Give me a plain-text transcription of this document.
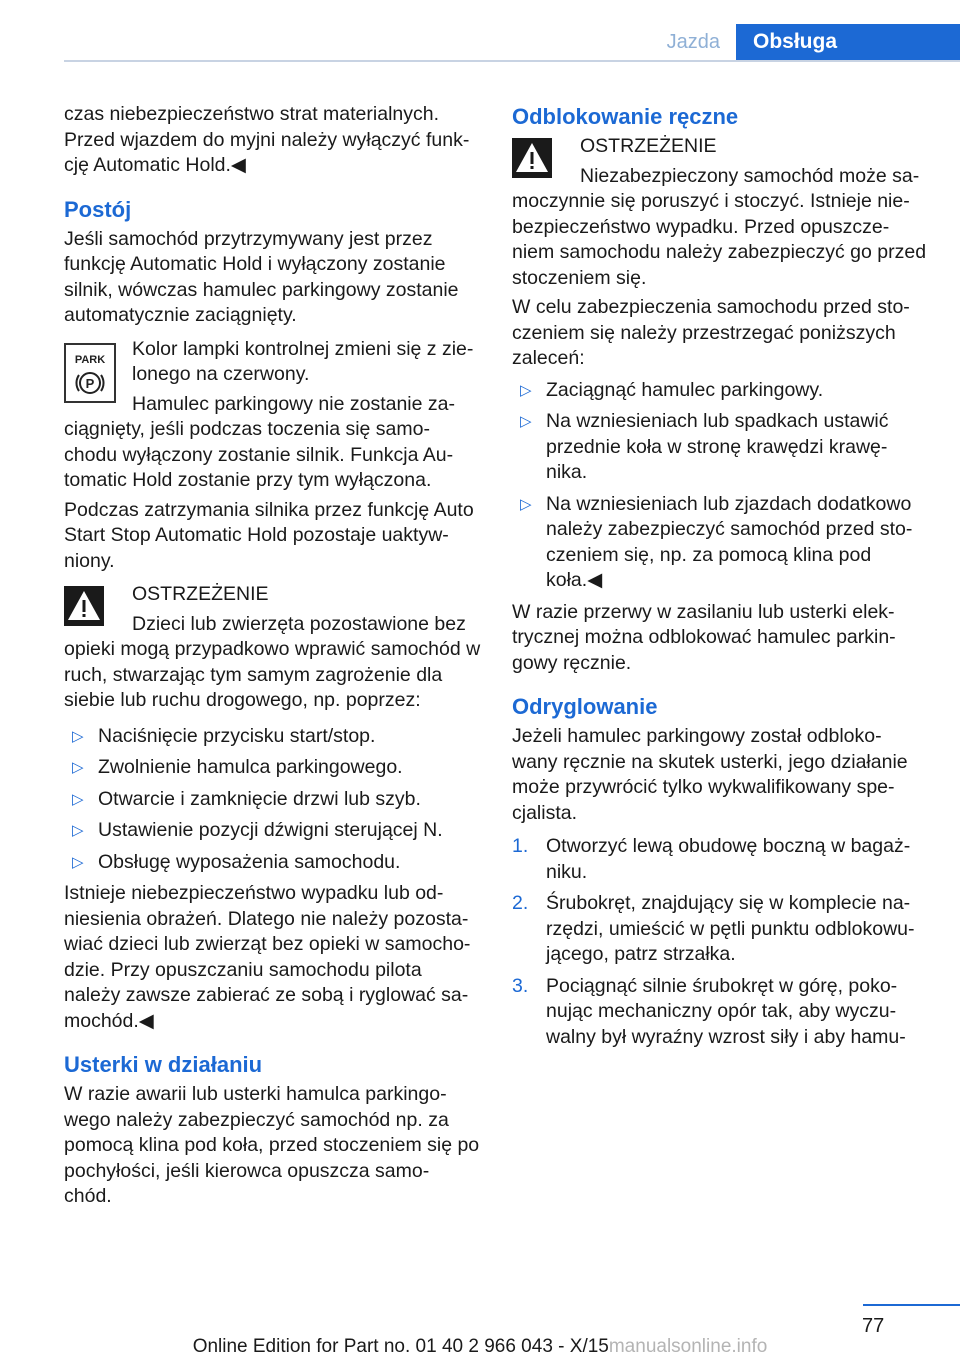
Jazda	Obsługa

czas niebezpieczeństwo strat materialnych.
Przed wjazdem do myjni należy wyłączyć funk-
cję Automatic Hold.◀

Postój

Jeśli samochód przytrzymywany jest przez funkcję Automatic Hold i wyłączony zostanie silnik, wówczas hamulec parkingowy zostanie automatycznie zaciągnięty.

PARK
P

Kolor lampki kontrolnej zmieni się z zie- lonego na czerwony.

Hamulec parkingowy nie zostanie za- ciągnięty, jeśli podczas toczenia się samo- chodu wyłączony zostanie silnik. Funkcja Au- tomatic Hold zostanie przy tym wyłączona.

Podczas zatrzymania silnika przez funkcję Auto Start Stop Automatic Hold pozostaje uaktyw- niony.

OSTRZEŻENIE

Dzieci lub zwierzęta pozostawione bez opieki mogą przypadkowo wprawić samochód w ruch, stwarzając tym samym zagrożenie dla siebie lub ruchu drogowego, np. poprzez:

▷ Naciśnięcie przycisku start/stop.
▷ Zwolnienie hamulca parkingowego.
▷ Otwarcie i zamknięcie drzwi lub szyb.
▷ Ustawienie pozycji dźwigni sterującej N.
▷ Obsługę wyposażenia samochodu.

Istnieje niebezpieczeństwo wypadku lub od- niesienia obrażeń. Dlatego nie należy pozosta- wiać dzieci lub zwierząt bez opieki w samocho- dzie. Przy opuszczaniu samochodu pilota należy zawsze zabierać ze sobą i ryglować sa- mochód.◀

Usterki w działaniu

W razie awarii lub usterki hamulca parkingo- wego należy zabezpieczyć samochód np. za pomocą klina pod koła, przed stoczeniem się po pochyłości, jeśli kierowca opuszcza samo- chód.

Odblokowanie ręczne

OSTRZEŻENIE

Niezabezpieczony samochód może sa- moczynnie się poruszyć i stoczyć. Istnieje nie- bezpieczeństwo wypadku. Przed opuszcze- niem samochodu należy zabezpieczyć go przed stoczeniem się.

W celu zabezpieczenia samochodu przed sto- czeniem się należy przestrzegać poniższych zaleceń:

▷ Zaciągnąć hamulec parkingowy.
▷ Na wzniesieniach lub spadkach ustawić przednie koła w stronę krawędzi krawę- nika.
▷ Na wzniesieniach lub zjazdach dodatkowo należy zabezpieczyć samochód przed sto- czeniem się, np. za pomocą klina pod koła.◀

W razie przerwy w zasilaniu lub usterki elek- trycznej można odblokować hamulec parkin- gowy ręcznie.

Odryglowanie

Jeżeli hamulec parkingowy został odbloko- wany ręcznie na skutek usterki, jego działanie może przywrócić tylko wykwalifikowany spe- cjalista.

1. Otworzyć lewą obudowę boczną w bagaż- niku.
2. Śrubokręt, znajdujący się w komplecie na- rzędzi, umieścić w pętli punktu odblokowu- jącego, patrz strzałka.
3. Pociągnąć silnie śrubokręt w górę, poko- nując mechaniczny opór tak, aby wyczu- walny był wyraźny wzrost siły i aby hamu-
77
Online Edition for Part no. 01 40 2 966 043 - X/15manualsonline.info
